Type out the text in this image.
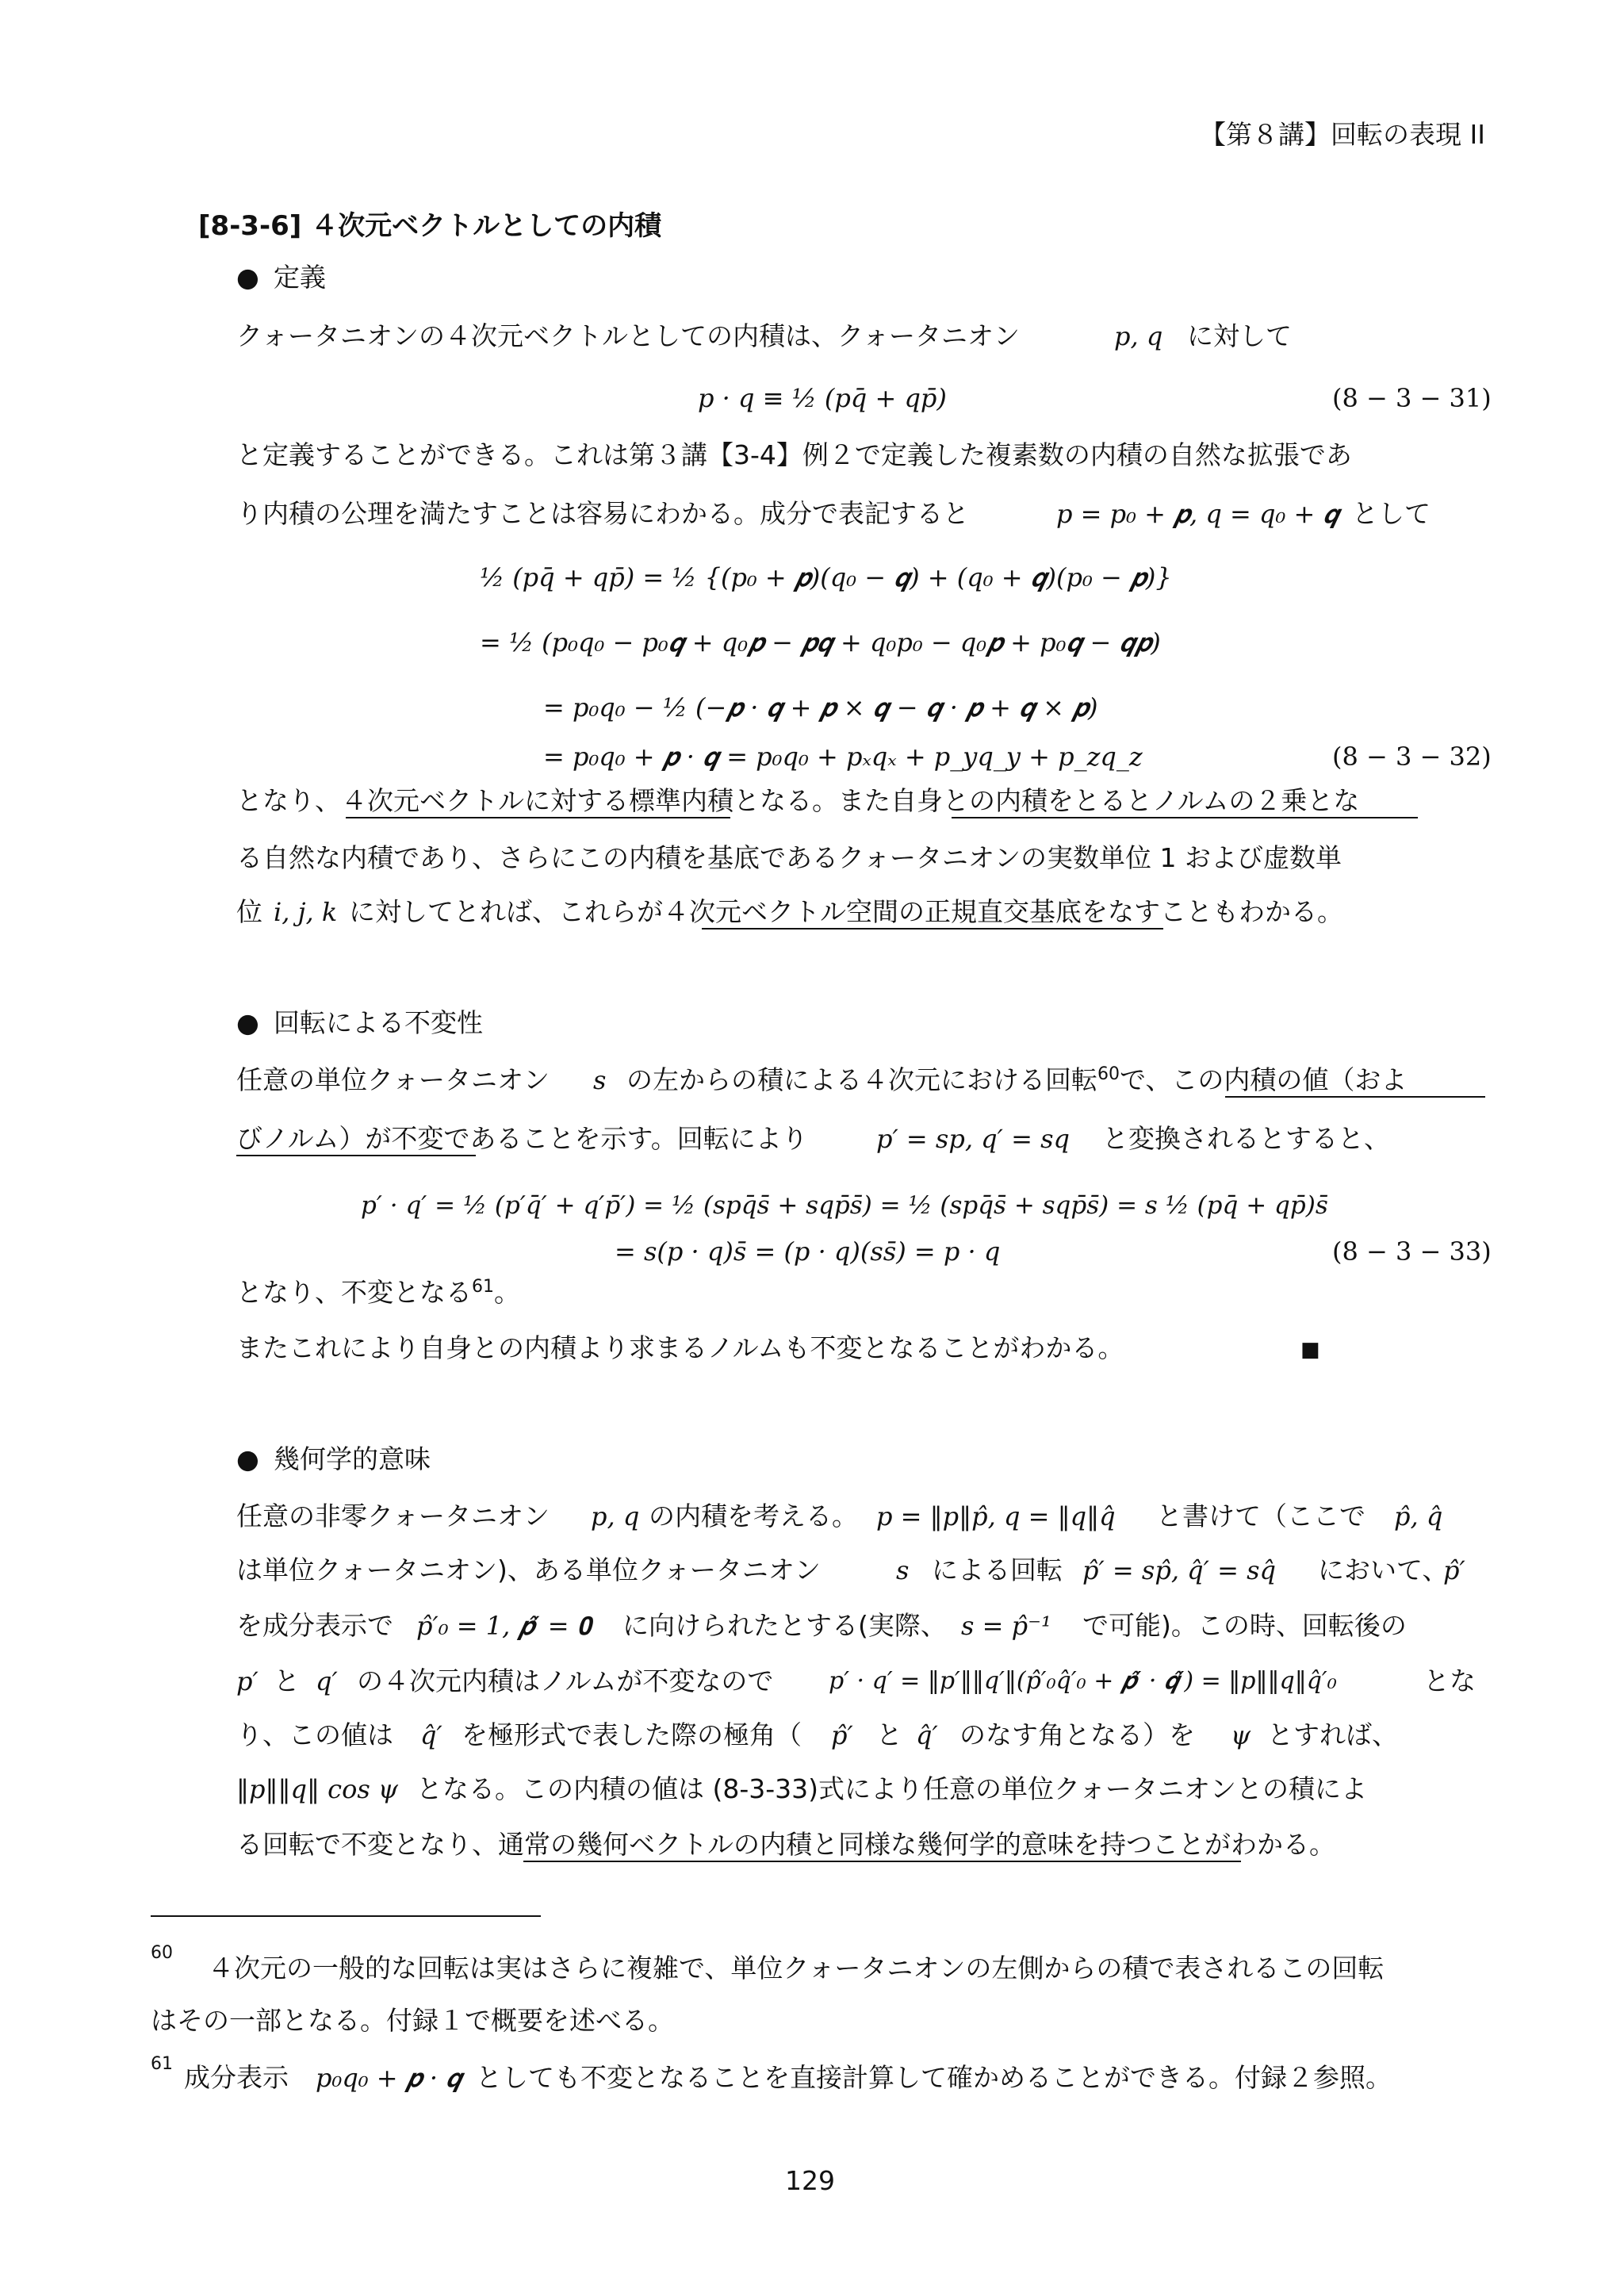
【第８講】回転の表現 II
[8-3-6] ４次元ベクトルとしての内積
● 定義
クォータニオンの４次元ベクトルとしての内積は、クォータニオン	p, q に対して
p · q ≡ ½ (pq̄ + qp̄)	(8 − 3 − 31)
と定義することができる。これは第３講【3-4】例２で定義した複素数の内積の自然な拡張であ
り内積の公理を満たすことは容易にわかる。成分で表記すると	p = p₀ + 𝒑, q = q₀ + 𝒒 として
½ (pq̄ + qp̄) = ½ {(p₀ + 𝒑)(q₀ − 𝒒) + (q₀ + 𝒒)(p₀ − 𝒑)}
= ½ (p₀q₀ − p₀𝒒 + q₀𝒑 − 𝒑𝒒 + q₀p₀ − q₀𝒑 + p₀𝒒 − 𝒒𝒑)
= p₀q₀ − ½ (−𝒑 · 𝒒 + 𝒑 × 𝒒 − 𝒒 · 𝒑 + 𝒒 × 𝒑)
= p₀q₀ + 𝒑 · 𝒒 = p₀q₀ + pₓqₓ + p_yq_y + p_zq_z	(8 − 3 − 32)
となり、４次元ベクトルに対する標準内積となる。また自身との内積をとるとノルムの２乗とな
る自然な内積であり、さらにこの内積を基底であるクォータニオンの実数単位 1 および虚数単
位 i, j, k に対してとれば、これらが４次元ベクトル空間の正規直交基底をなすこともわかる。
● 回転による不変性
任意の単位クォータニオン s の左からの積による４次元における回転$^{60}$で、この内積の値（およ
びノルム）が不変であることを示す。回転により	p′ = sp, q′ = sq と変換されるとすると、
p′ · q′ = ½ (p′q̄′ + q′p̄′) = ½ (spq̄s̄ + sqp̄s̄) = ½ (spq̄s̄ + sqp̄s̄) = s ½ (pq̄ + qp̄)s̄
= s(p · q)s̄ = (p · q)(ss̄) = p · q	(8 − 3 − 33)
となり、不変となる$^{61}$。
またこれにより自身との内積より求まるノルムも不変となることがわかる。	■
● 幾何学的意味
任意の非零クォータニオン p, q の内積を考える。 p = ‖p‖p̂, q = ‖q‖q̂ と書けて（ここで p̂, q̂
は単位クォータニオン)、ある単位クォータニオン	s による回転 p̂′ = sp̂, q̂′ = sq̂ において、
p̂′
を成分表示で p̂′₀ = 1, 𝒑̂′ = 𝟎 に向けられたとする(実際、 s = p̂⁻¹ で可能)。この時、回転後の
p′ と q′ の４次元内積はノルムが不変なので p′ · q′ = ‖p′‖‖q′‖(p̂′₀q̂′₀ + 𝒑̂′ · 𝒒̂′) = ‖p‖‖q‖q̂′₀	とな
り、この値は q̂′ を極形式で表した際の極角（ p̂′ と q̂′ のなす角となる）を ψ とすれば、
‖p‖‖q‖ cos ψ となる。この内積の値は (8-3-33)式により任意の単位クォータニオンとの積によ
る回転で不変となり、通常の幾何ベクトルの内積と同様な幾何学的意味を持つことがわかる。
60 ４次元の一般的な回転は実はさらに複雑で、単位クォータニオンの左側からの積で表されるこの回転
はその一部となる。付録１で概要を述べる。
61 成分表示 p₀q₀ + 𝒑 · 𝒒 としても不変となることを直接計算して確かめることができる。付録２参照。
129
